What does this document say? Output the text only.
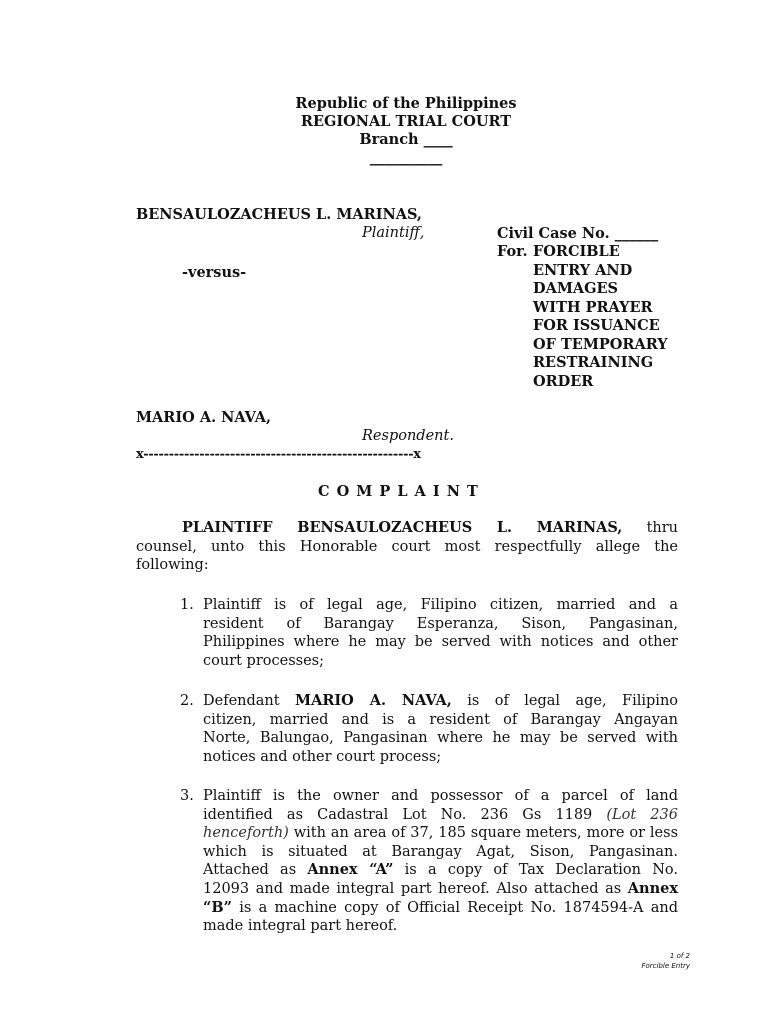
Republic of the Philippines
REGIONAL TRIAL COURT
Branch ____
__________
BENSAULOZACHEUS L. MARINAS,
Plaintiff,
-versus-
Civil Case No. ______
For. FORCIBLE
ENTRY AND
DAMAGES
WITH PRAYER
FOR ISSUANCE
OF TEMPORARY
RESTRAINING
ORDER
MARIO A. NAVA,
Respondent.
x-----------------------------------------------------x
C O M P L A I N T
PLAINTIFF BENSAULOZACHEUS L. MARINAS, thru
counsel, unto this Honorable court most respectfully allege the
following:
1. Plaintiff is of legal age, Filipino citizen, married and a
resident of Barangay Esperanza, Sison, Pangasinan,
Philippines where he may be served with notices and other
court processes;
2. Defendant MARIO A. NAVA, is of legal age, Filipino
citizen, married and is a resident of Barangay Angayan
Norte, Balungao, Pangasinan where he may be served with
notices and other court process;
3. Plaintiff is the owner and possessor of a parcel of land
identified as Cadastral Lot No. 236 Gs 1189 (Lot 236
henceforth) with an area of 37, 185 square meters, more or less
which is situated at Barangay Agat, Sison, Pangasinan.
Attached as Annex “A” is a copy of Tax Declaration No.
12093 and made integral part hereof. Also attached as Annex
“B” is a machine copy of Official Receipt No. 1874594-A and
made integral part hereof.
1 of 2
Forcible Entry
